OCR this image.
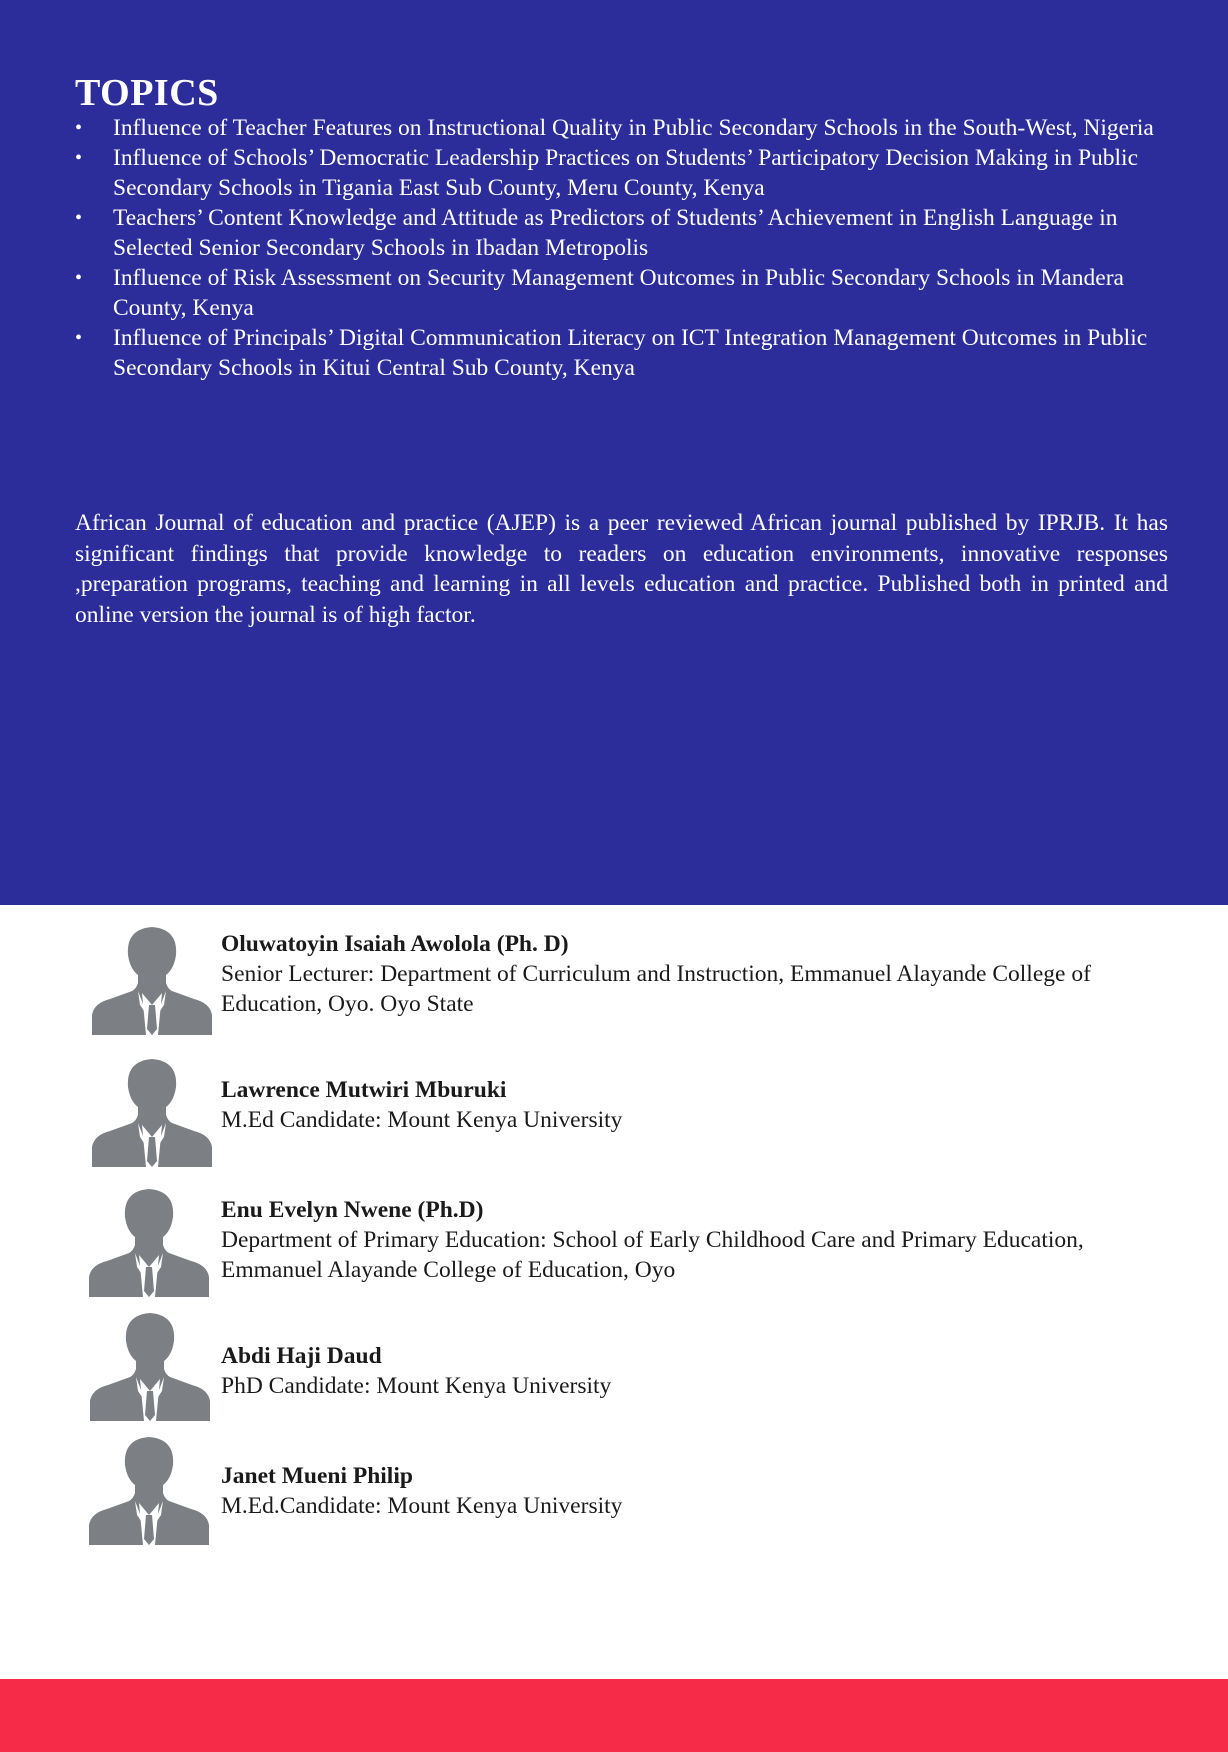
TOPICS
• Influence of Teacher Features on Instructional Quality in Public Secondary Schools in the South-West, Nigeria
• Influence of Schools’ Democratic Leadership Practices on Students’ Participatory Decision Making in Public Secondary Schools in Tigania East Sub County, Meru County, Kenya
• Teachers’ Content Knowledge and Attitude as Predictors of Students’ Achievement in English Language in Selected Senior Secondary Schools in Ibadan Metropolis
• Influence of Risk Assessment on Security Management Outcomes in Public Secondary Schools in Mandera County, Kenya
• Influence of Principals’ Digital Communication Literacy on ICT Integration Management Outcomes in Public Secondary Schools in Kitui Central Sub County, Kenya

African Journal of education and practice (AJEP) is a peer reviewed African journal published by IPRJB. It has significant findings that provide knowledge to readers on education environments, innovative responses ,preparation programs, teaching and learning in all levels education and practice. Published both in printed and online version the journal is of high factor.

Oluwatoyin Isaiah Awolola (Ph. D)
Senior Lecturer: Department of Curriculum and Instruction, Emmanuel Alayande College of Education, Oyo. Oyo State
Lawrence Mutwiri Mburuki
M.Ed Candidate: Mount Kenya University
Enu Evelyn Nwene (Ph.D)
Department of Primary Education: School of Early Childhood Care and Primary Education, Emmanuel Alayande College of Education, Oyo
Abdi Haji Daud
PhD Candidate: Mount Kenya University
Janet Mueni Philip
M.Ed.Candidate: Mount Kenya University
